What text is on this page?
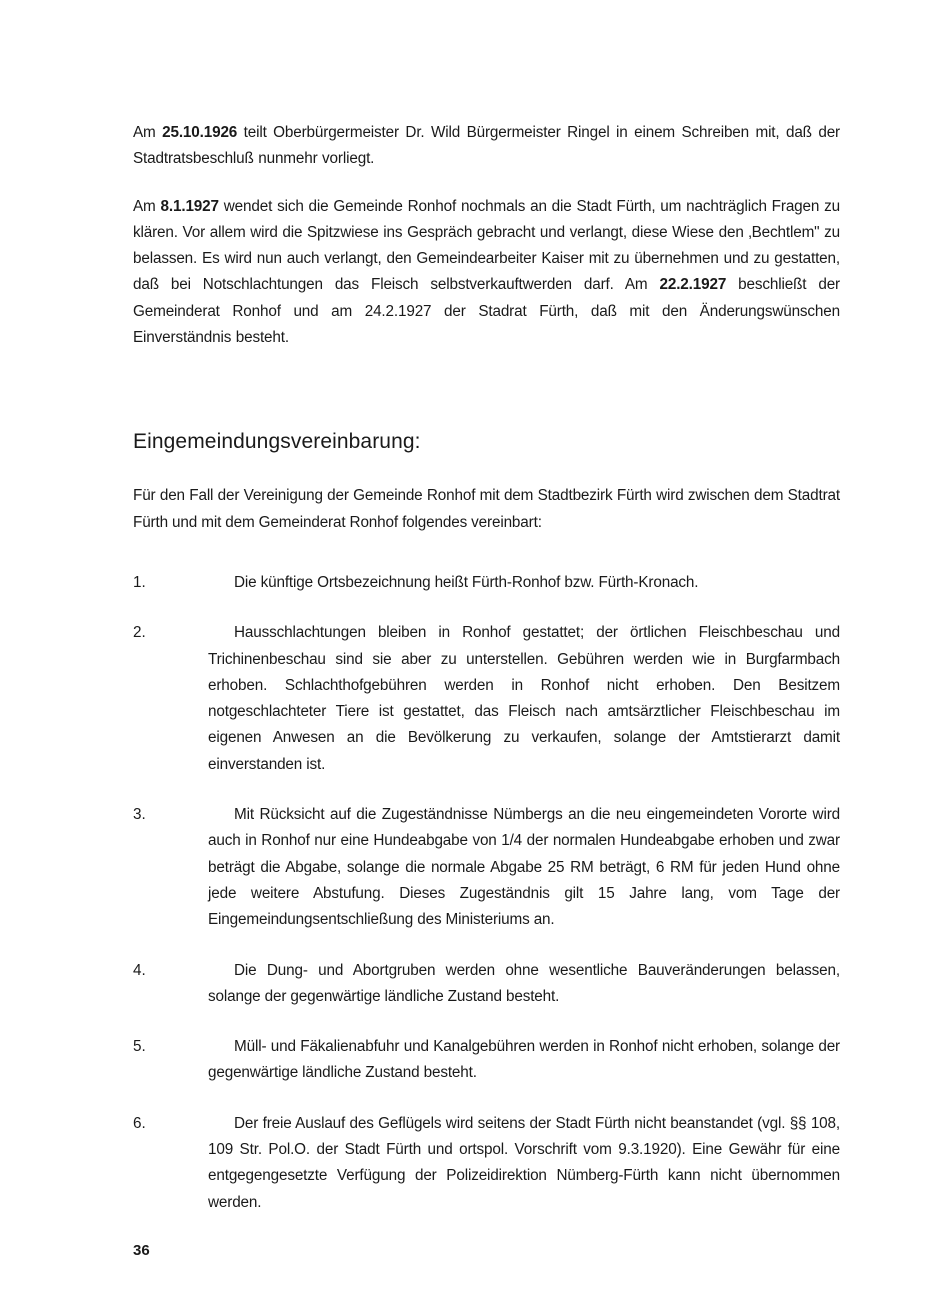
Am 25.10.1926 teilt Oberbürgermeister Dr. Wild Bürgermeister Ringel in einem Schreiben mit, daß der Stadtratsbeschluß nunmehr vorliegt.

Am 8.1.1927 wendet sich die Gemeinde Ronhof nochmals an die Stadt Fürth, um nachträglich Fragen zu klären. Vor allem wird die Spitzwiese ins Gespräch gebracht und verlangt, diese Wiese den ‚Bechtlem" zu belassen. Es wird nun auch verlangt, den Gemeindearbeiter Kaiser mit zu übernehmen und zu gestatten, daß bei Notschlachtungen das Fleisch selbstverkauftwerden darf. Am 22.2.1927 beschließt der Gemeinderat Ronhof und am 24.2.1927 der Stadrat Fürth, daß mit den Änderungswünschen Einverständnis besteht.

Eingemeindungsvereinbarung:

Für den Fall der Vereinigung der Gemeinde Ronhof mit dem Stadtbezirk Fürth wird zwischen dem Stadtrat Fürth und mit dem Gemeinderat Ronhof folgendes vereinbart:

1.	Die künftige Ortsbezeichnung heißt Fürth-Ronhof bzw. Fürth-Kronach.
2.	Hausschlachtungen bleiben in Ronhof gestattet; der örtlichen Fleischbeschau und Trichinenbeschau sind sie aber zu unterstellen. Gebühren werden wie in Burgfarmbach erhoben. Schlachthofgebühren werden in Ronhof nicht erhoben. Den Besitzem notgeschlachteter Tiere ist gestattet, das Fleisch nach amtsärztlicher Fleischbeschau im eigenen Anwesen an die Bevölkerung zu verkaufen, solange der Amtstierarzt damit einverstanden ist.
3.	Mit Rücksicht auf die Zugeständnisse Nümbergs an die neu eingemeindeten Vororte wird auch in Ronhof nur eine Hundeabgabe von 1/4 der normalen Hundeabgabe erhoben und zwar beträgt die Abgabe, solange die normale Abgabe 25 RM beträgt, 6 RM für jeden Hund ohne jede weitere Abstufung. Dieses Zugeständnis gilt 15 Jahre lang, vom Tage der Eingemeindungsentschließung des Ministeriums an.
4.	Die Dung- und Abortgruben werden ohne wesentliche Bauveränderungen belassen, solange der gegenwärtige ländliche Zustand besteht.
5.	Müll- und Fäkalienabfuhr und Kanalgebühren werden in Ronhof nicht erhoben, solange der gegenwärtige ländliche Zustand besteht.
6.	Der freie Auslauf des Geflügels wird seitens der Stadt Fürth nicht beanstandet (vgl. §§ 108, 109 Str. Pol.O. der Stadt Fürth und ortspol. Vorschrift vom 9.3.1920). Eine Gewähr für eine entgegengesetzte Verfügung der Polizeidirektion Nümberg-Fürth kann nicht übernommen werden.
36
